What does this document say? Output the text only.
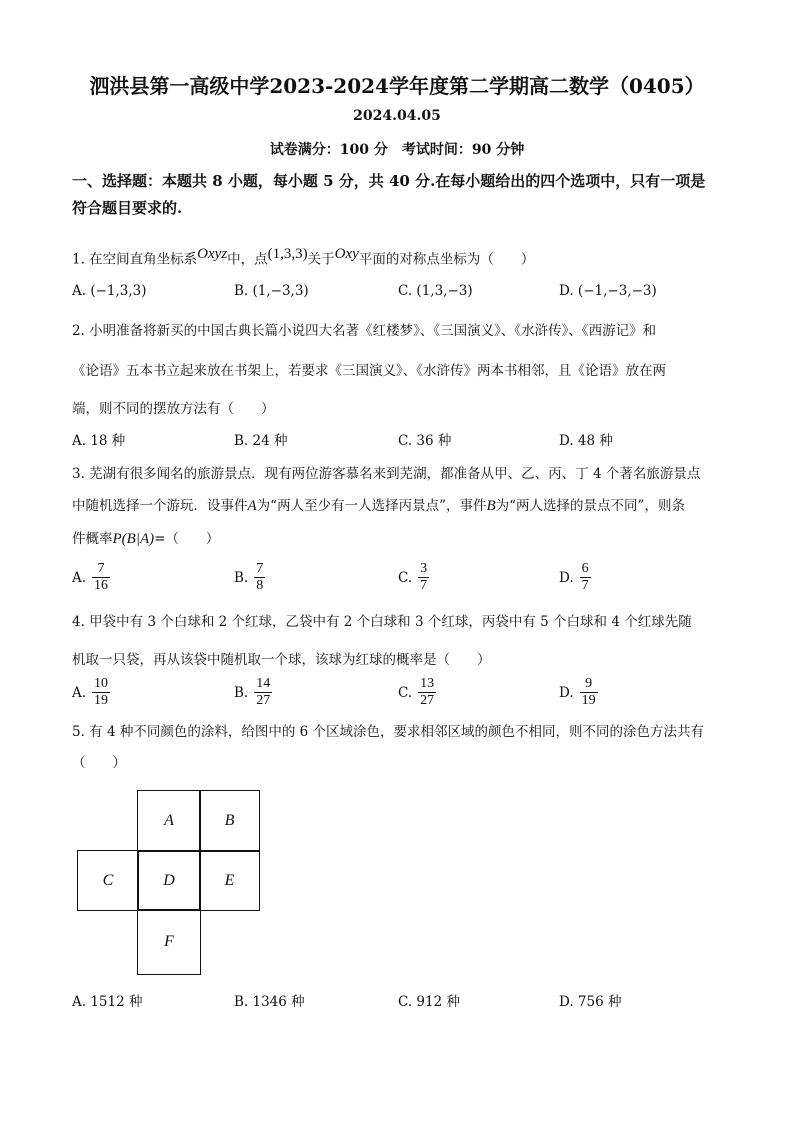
泗洪县第一高级中学2023-2024学年度第二学期高二数学（0405）
2024.04.05
试卷满分：100 分　考试时间：90 分钟
一、选择题：本题共 8 小题，每小题 5 分，共 40 分.在每小题给出的四个选项中，只有一项是
符合题目要求的.
1. 在空间直角坐标系$^{Oxyz}$中，点$^{(1,3,3)}$关于$^{Oxy}$平面的对称点坐标为（　　）
A. (−1,3,3)	B. (1,−3,3)	C. (1,3,−3)	D. (−1,−3,−3)
2. 小明准备将新买的中国古典长篇小说四大名著《红楼梦》、《三国演义》、《水浒传》、《西游记》和
《论语》五本书立起来放在书架上，若要求《三国演义》、《水浒传》两本书相邻，且《论语》放在两
端，则不同的摆放方法有（　　）
A. 18 种	B. 24 种	C. 36 种	D. 48 种
3. 芜湖有很多闻名的旅游景点．现有两位游客慕名来到芜湖，都准备从甲、乙、丙、丁 4 个著名旅游景点
中随机选择一个游玩．设事件A为“两人至少有一人选择丙景点”，事件B为“两人选择的景点不同”，则条
件概率P(B|A)=（　　）
A. $\frac{7}{16}$	B. $\frac{7}{8}$	C. $\frac{3}{7}$	D. $\frac{6}{7}$
4. 甲袋中有 3 个白球和 2 个红球，乙袋中有 2 个白球和 3 个红球，丙袋中有 5 个白球和 4 个红球先随
机取一只袋，再从该袋中随机取一个球，该球为红球的概率是（　　）
A. $\frac{10}{19}$	B. $\frac{14}{27}$	C. $\frac{13}{27}$	D. $\frac{9}{19}$
5. 有 4 种不同颜色的涂料，给图中的 6 个区域涂色，要求相邻区域的颜色不相同，则不同的涂色方法共有
（　　）
A	B
C	D	E
F
A. 1512 种	B. 1346 种	C. 912 种	D. 756 种
